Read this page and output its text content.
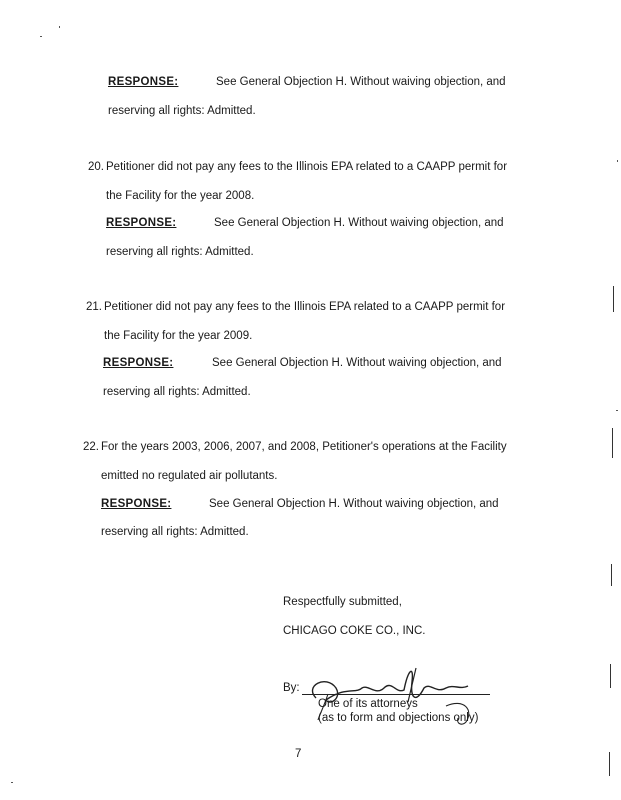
RESPONSE:	See General Objection H. Without waiving objection, and
reserving all rights: Admitted.
20. Petitioner did not pay any fees to the Illinois EPA related to a CAAPP permit for
the Facility for the year 2008.
RESPONSE:	See General Objection H. Without waiving objection, and
reserving all rights: Admitted.
21. Petitioner did not pay any fees to the Illinois EPA related to a CAAPP permit for
the Facility for the year 2009.
RESPONSE:	See General Objection H. Without waiving objection, and
reserving all rights: Admitted.
22. For the years 2003, 2006, 2007, and 2008, Petitioner's operations at the Facility
emitted no regulated air pollutants.
RESPONSE:	See General Objection H. Without waiving objection, and
reserving all rights: Admitted.
Respectfully submitted,
CHICAGO COKE CO., INC.
By:
One of its attorneys
(as to form and objections only)
7
